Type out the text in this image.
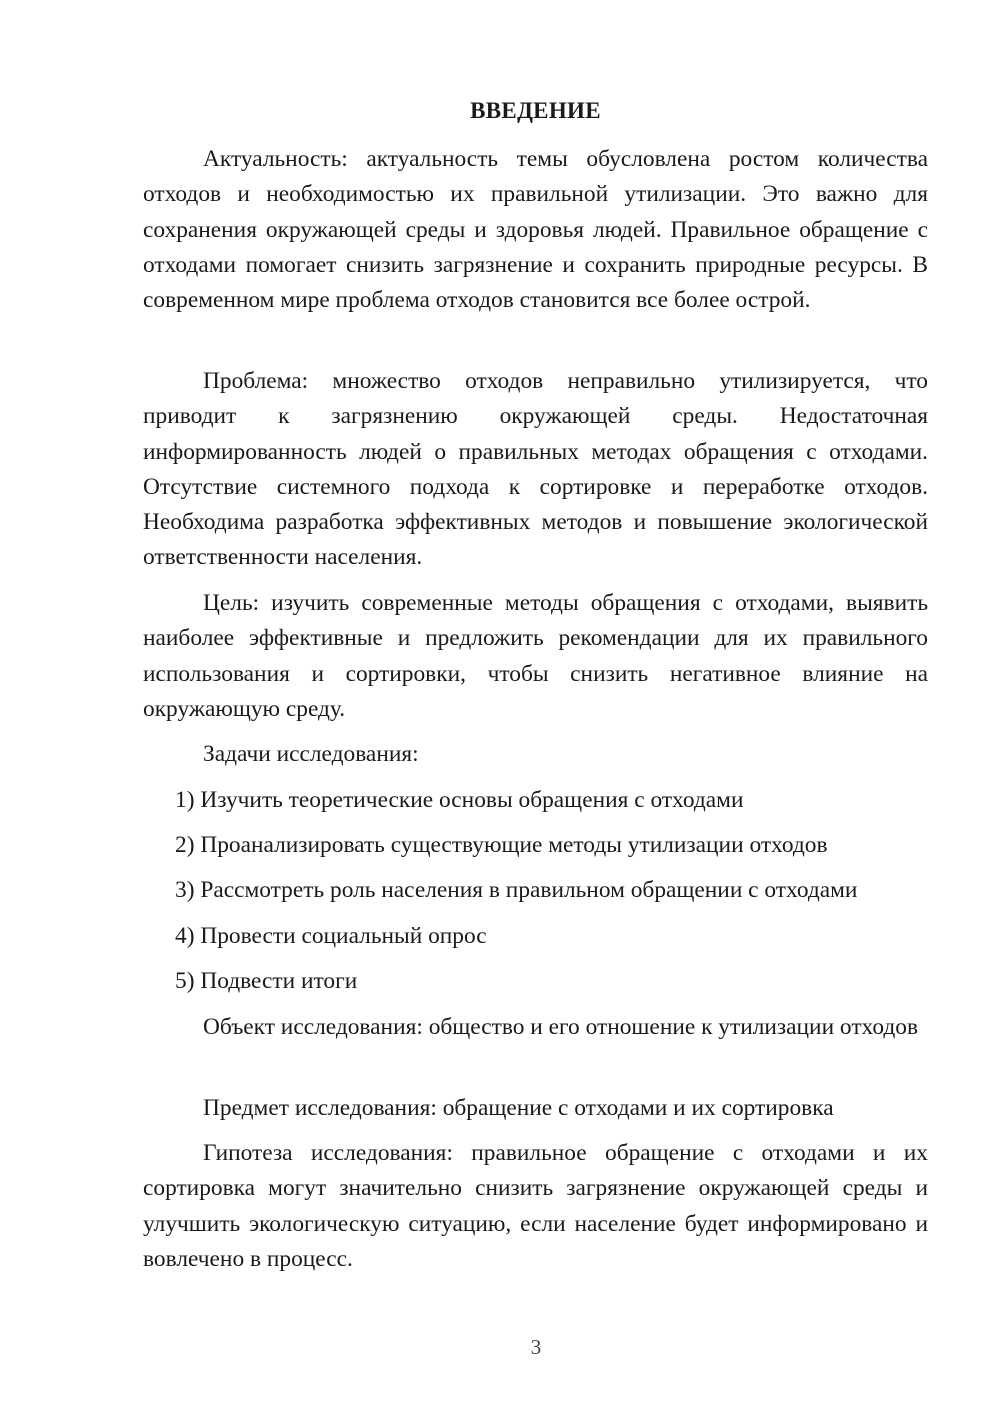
ВВЕДЕНИЕ

Актуальность: актуальность темы обусловлена ростом количества отходов и необходимостью их правильной утилизации. Это важно для сохранения окружающей среды и здоровья людей. Правильное обращение с отходами помогает снизить загрязнение и сохранить природные ресурсы. В современном мире проблема отходов становится все более острой.

Проблема: множество отходов неправильно утилизируется, что приводит к загрязнению окружающей среды. Недостаточная информированность людей о правильных методах обращения с отходами. Отсутствие системного подхода к сортировке и переработке отходов. Необходима разработка эффективных методов и повышение экологической ответственности населения.

Цель: изучить современные методы обращения с отходами, выявить наиболее эффективные и предложить рекомендации для их правильного использования и сортировки, чтобы снизить негативное влияние на окружающую среду.

Задачи исследования:

1) Изучить теоретические основы обращения с отходами

2) Проанализировать существующие методы утилизации отходов

3) Рассмотреть роль населения в правильном обращении с отходами

4) Провести социальный опрос

5) Подвести итоги

Объект исследования: общество и его отношение к утилизации отходов

Предмет исследования: обращение с отходами и их сортировка

Гипотеза исследования: правильное обращение с отходами и их сортировка могут значительно снизить загрязнение окружающей среды и улучшить экологическую ситуацию, если население будет информировано и вовлечено в процесс.

3
